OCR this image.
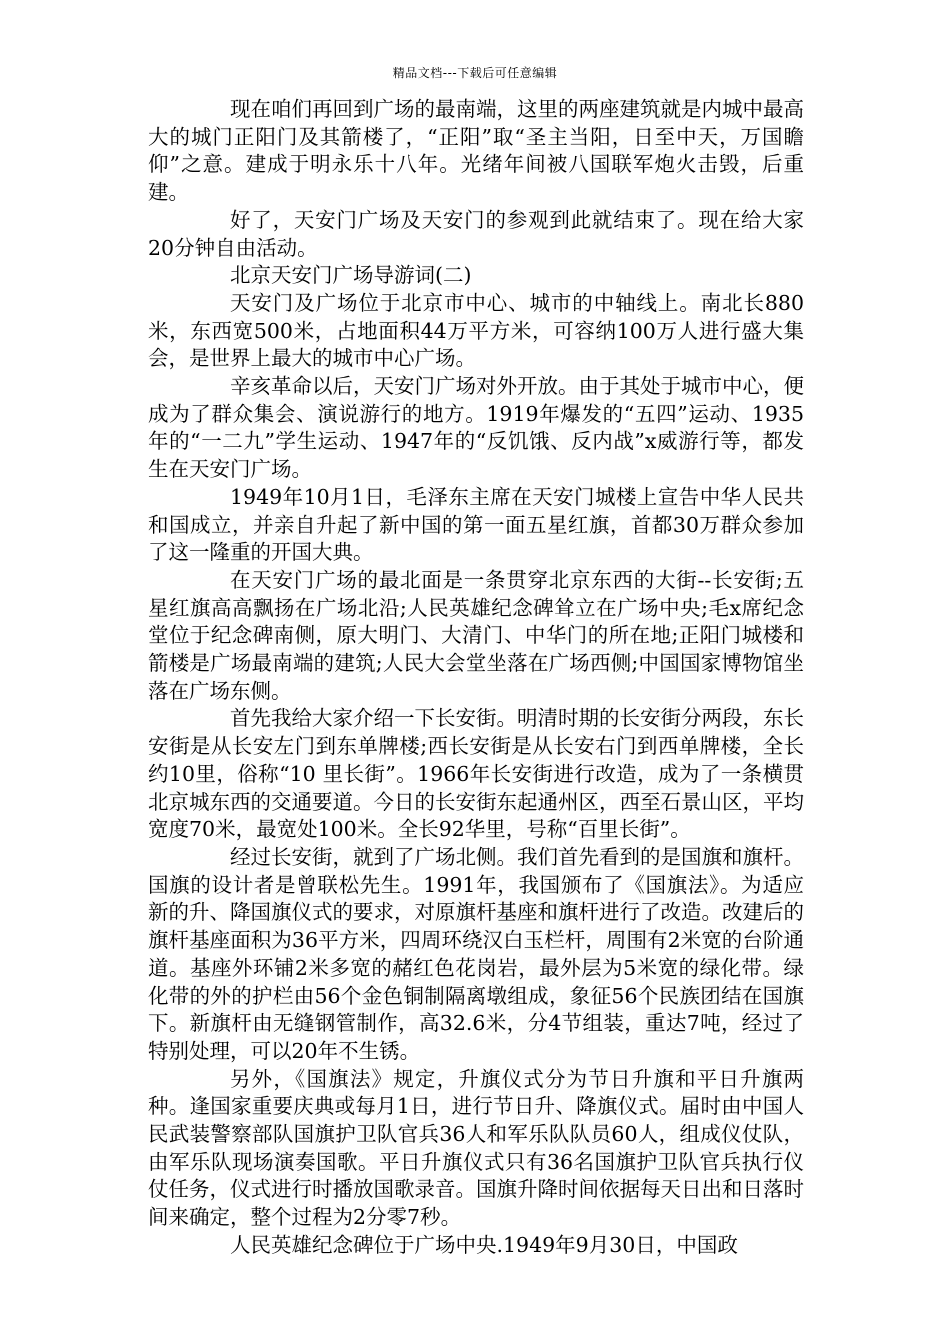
精品文档---下载后可任意编辑

现在咱们再回到广场的最南端，这里的两座建筑就是内城中最高大的城门正阳门及其箭楼了，“正阳”取“圣主当阳，日至中天，万国瞻仰”之意。建成于明永乐十八年。光绪年间被八国联军炮火击毁，后重建。

好了，天安门广场及天安门的参观到此就结束了。现在给大家20分钟自由活动。

北京天安门广场导游词(二)

天安门及广场位于北京市中心、城市的中轴线上。南北长880米，东西宽500米，占地面积44万平方米，可容纳100万人进行盛大集会，是世界上最大的城市中心广场。

辛亥革命以后，天安门广场对外开放。由于其处于城市中心，便成为了群众集会、演说游行的地方。1919年爆发的“五四”运动、1935年的“一二九”学生运动、1947年的“反饥饿、反内战”x威游行等，都发生在天安门广场。

1949年10月1日，毛泽东主席在天安门城楼上宣告中华人民共和国成立，并亲自升起了新中国的第一面五星红旗，首都30万群众参加了这一隆重的开国大典。

在天安门广场的最北面是一条贯穿北京东西的大街--长安街;五星红旗高高飘扬在广场北沿;人民英雄纪念碑耸立在广场中央;毛x席纪念堂位于纪念碑南侧，原大明门、大清门、中华门的所在地;正阳门城楼和箭楼是广场最南端的建筑;人民大会堂坐落在广场西侧;中国国家博物馆坐落在广场东侧。

首先我给大家介绍一下长安街。明清时期的长安街分两段，东长安街是从长安左门到东单牌楼;西长安街是从长安右门到西单牌楼，全长约10里，俗称“10 里长街”。1966年长安街进行改造，成为了一条横贯北京城东西的交通要道。今日的长安街东起通州区，西至石景山区，平均宽度70米，最宽处100米。全长92华里，号称“百里长街”。

经过长安街，就到了广场北侧。我们首先看到的是国旗和旗杆。国旗的设计者是曾联松先生。1991年，我国颁布了《国旗法》。为适应新的升、降国旗仪式的要求，对原旗杆基座和旗杆进行了改造。改建后的旗杆基座面积为36平方米，四周环绕汉白玉栏杆，周围有2米宽的台阶通道。基座外环铺2米多宽的赭红色花岗岩，最外层为5米宽的绿化带。绿化带的外的护栏由56个金色铜制隔离墩组成，象征56个民族团结在国旗下。新旗杆由无缝钢管制作，高32.6米，分4节组装，重达7吨，经过了特别处理，可以20年不生锈。

另外，《国旗法》规定，升旗仪式分为节日升旗和平日升旗两种。逢国家重要庆典或每月1日，进行节日升、降旗仪式。届时由中国人民武装警察部队国旗护卫队官兵36人和军乐队队员60人，组成仪仗队，由军乐队现场演奏国歌。平日升旗仪式只有36名国旗护卫队官兵执行仪仗任务，仪式进行时播放国歌录音。国旗升降时间依据每天日出和日落时间来确定，整个过程为2分零7秒。

人民英雄纪念碑位于广场中央.1949年9月30日，中国政
